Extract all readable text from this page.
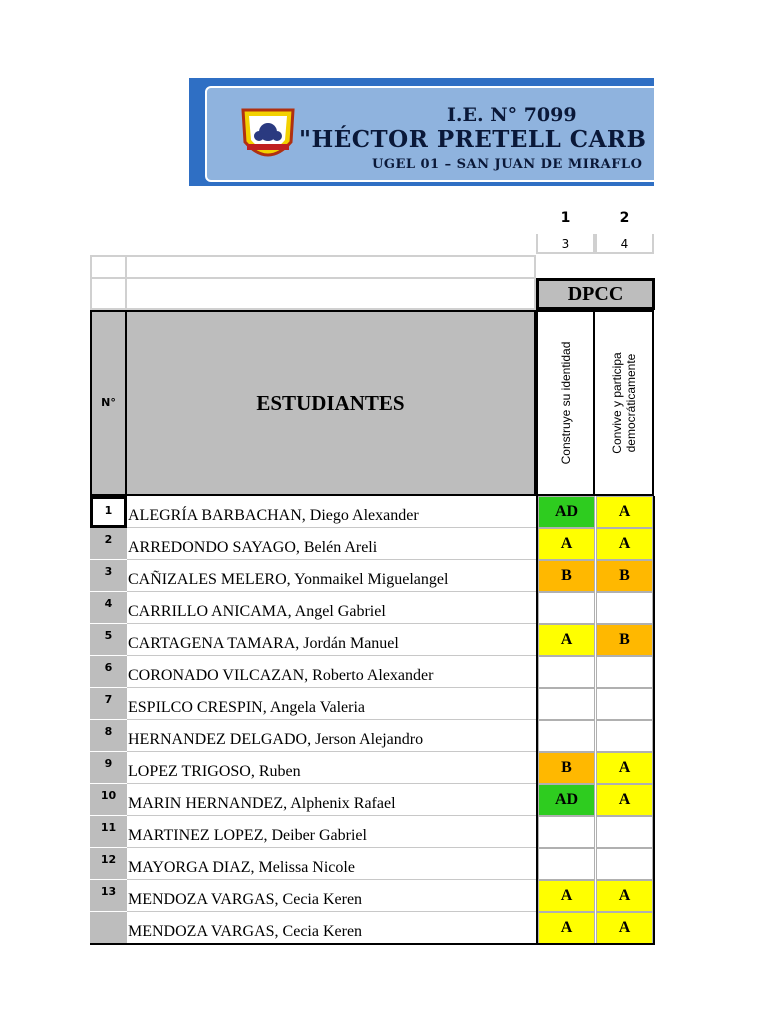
I.E. N° 7099
"HÉCTOR PRETELL CARB
UGEL 01 – SAN JUAN DE MIRAFLO
1	2
3	4
DPCC
N°	ESTUDIANTES	Construye su identidad	Convive y participa
democráticamente
1 ALEGRÍA BARBACHAN, Diego Alexander	AD	A
2 ARREDONDO SAYAGO, Belén Areli	A	A
3 CAÑIZALES MELERO, Yonmaikel Miguelangel	B	B
4 CARRILLO ANICAMA, Angel Gabriel
5 CARTAGENA TAMARA, Jordán Manuel	A	B
6 CORONADO VILCAZAN, Roberto Alexander
7 ESPILCO CRESPIN, Angela Valeria
8 HERNANDEZ DELGADO, Jerson Alejandro
9 LOPEZ TRIGOSO, Ruben	B	A
10 MARIN HERNANDEZ, Alphenix Rafael	AD	A
11 MARTINEZ LOPEZ, Deiber Gabriel
12 MAYORGA DIAZ, Melissa Nicole
13 MENDOZA VARGAS, Cecia Keren	A	A
MENDOZA VARGAS, Cecia Keren	A	A
